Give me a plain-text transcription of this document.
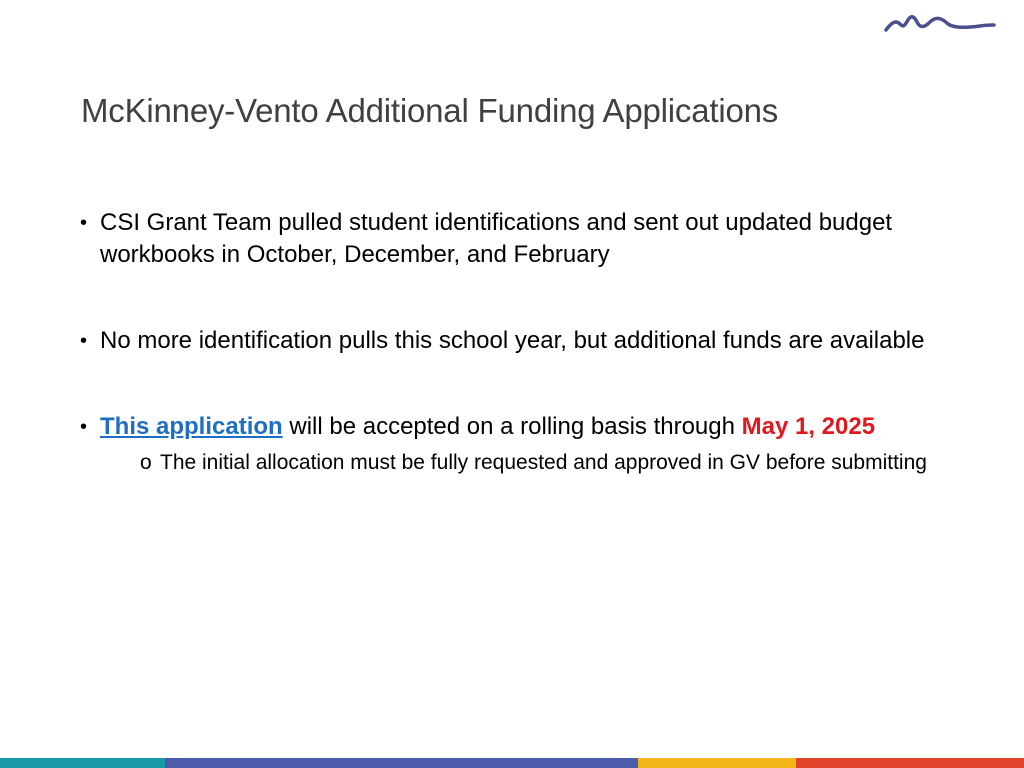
McKinney-Vento Additional Funding Applications
• CSI Grant Team pulled student identifications and sent out updated budget workbooks in October, December, and February
• No more identification pulls this school year, but additional funds are available
• This application will be accepted on a rolling basis through May 1, 2025
o The initial allocation must be fully requested and approved in GV before submitting
